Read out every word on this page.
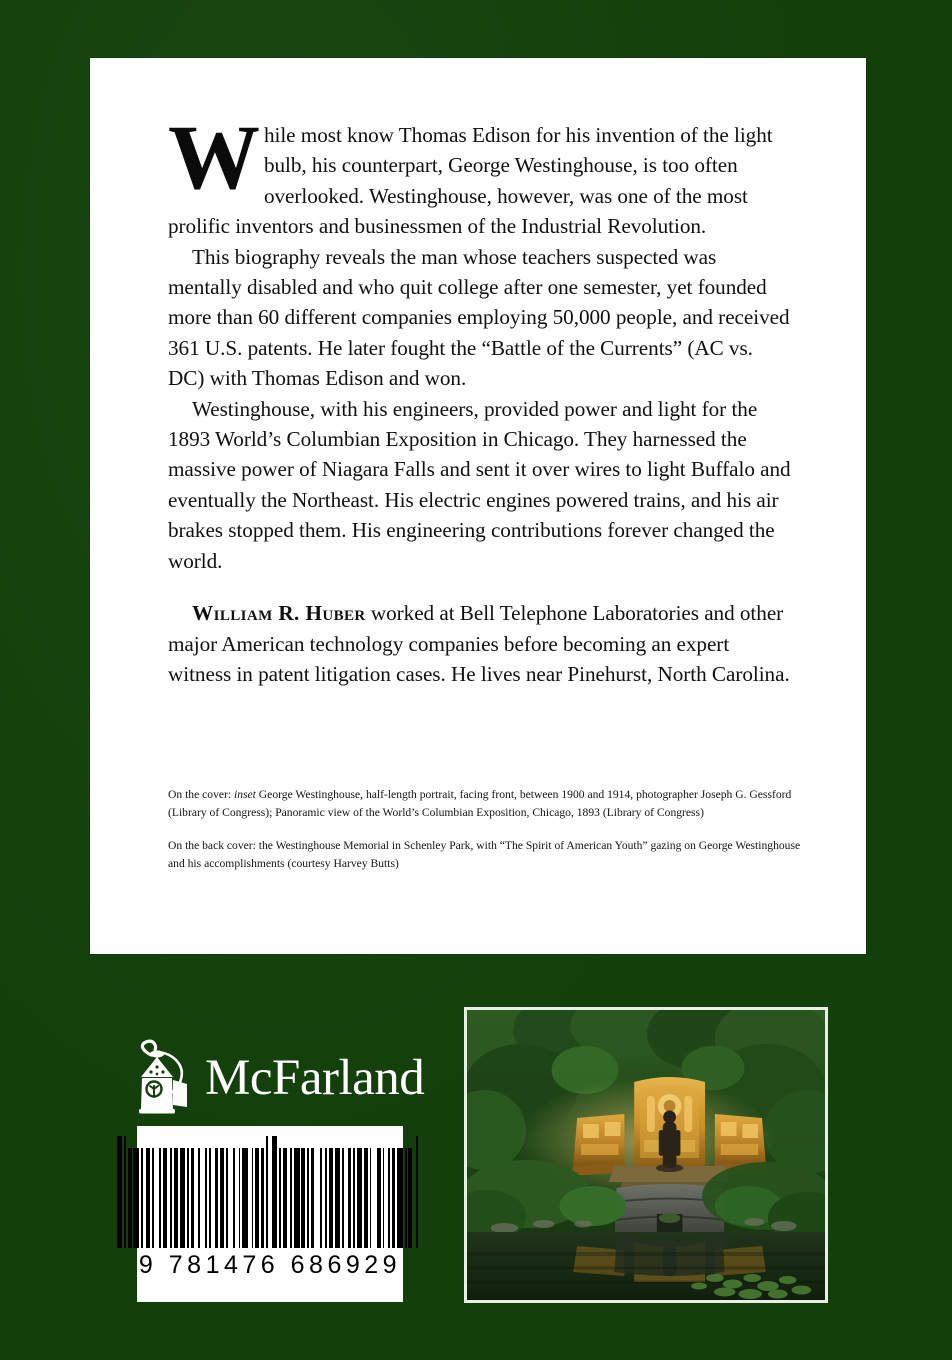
While most know Thomas Edison for his invention of the light bulb, his counterpart, George Westinghouse, is too often overlooked. Westinghouse, however, was one of the most prolific inventors and businessmen of the Industrial Revolution.

This biography reveals the man whose teachers suspected was mentally disabled and who quit college after one semester, yet founded more than 60 different companies employing 50,000 people, and received 361 U.S. patents. He later fought the “Battle of the Currents” (AC vs. DC) with Thomas Edison and won.

Westinghouse, with his engineers, provided power and light for the 1893 World’s Columbian Exposition in Chicago. They harnessed the massive power of Niagara Falls and sent it over wires to light Buffalo and eventually the Northeast. His electric engines powered trains, and his air brakes stopped them. His engineering contributions forever changed the world.

William R. Huber worked at Bell Telephone Laboratories and other major American technology companies before becoming an expert witness in patent litigation cases. He lives near Pinehurst, North Carolina.

On the cover: inset George Westinghouse, half-length portrait, facing front, between 1900 and 1914, photographer Joseph G. Gessford (Library of Congress); Panoramic view of the World’s Columbian Exposition, Chicago, 1893 (Library of Congress)

On the back cover: the Westinghouse Memorial in Schenley Park, with “The Spirit of American Youth” gazing on George Westinghouse and his accomplishments (courtesy Harvey Butts)

McFarland
9 781476 686929
